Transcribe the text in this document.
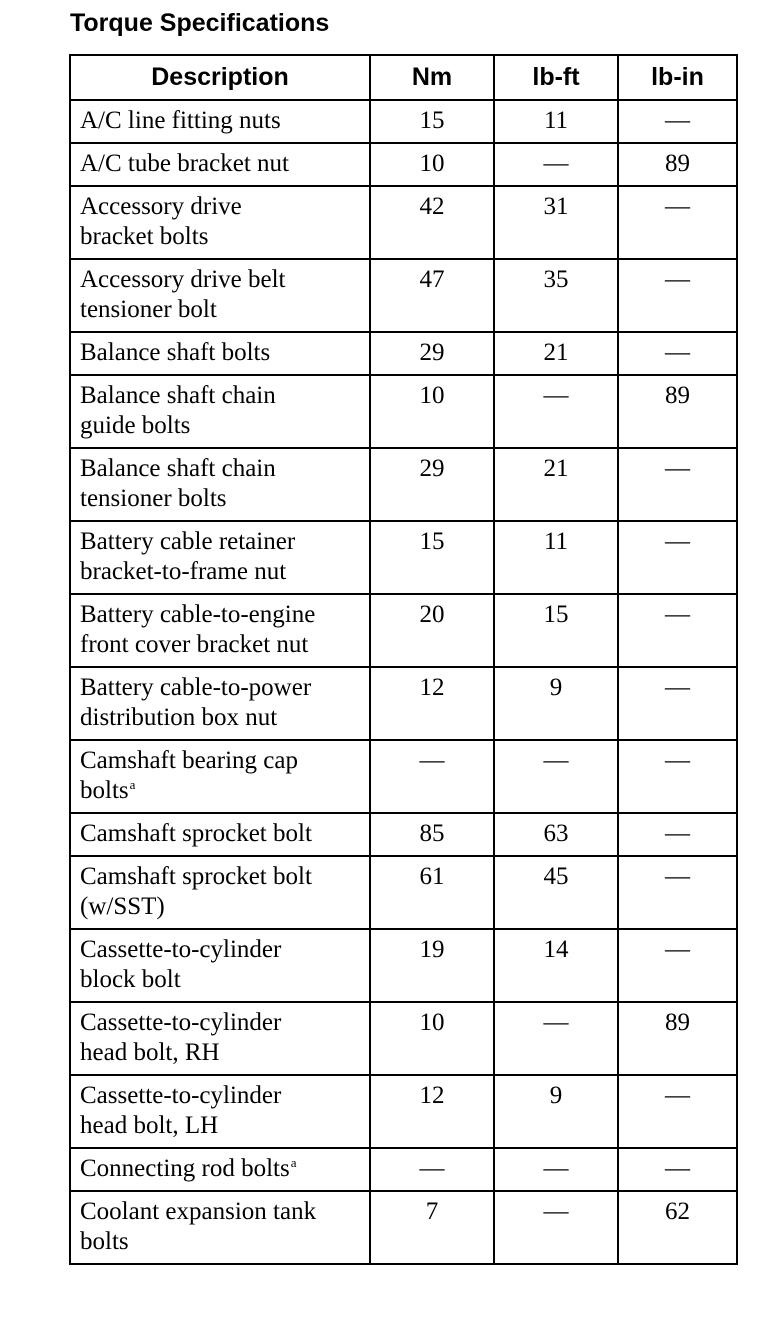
Torque Specifications
Description	Nm	lb-ft	lb-in
A/C line fitting nuts	15	11	—
A/C tube bracket nut	10	—	89
Accessory drive
bracket bolts	42	31	—
Accessory drive belt
tensioner bolt	47	35	—
Balance shaft bolts	29	21	—
Balance shaft chain
guide bolts	10	—	89
Balance shaft chain
tensioner bolts	29	21	—
Battery cable retainer
bracket-to-frame nut	15	11	—
Battery cable-to-engine
front cover bracket nut	20	15	—
Battery cable-to-power
distribution box nut	12	9	—
Camshaft bearing cap
bolts$^a$	—	—	—
Camshaft sprocket bolt	85	63	—
Camshaft sprocket bolt
(w/SST)	61	45	—
Cassette-to-cylinder
block bolt	19	14	—
Cassette-to-cylinder
head bolt, RH	10	—	89
Cassette-to-cylinder
head bolt, LH	12	9	—
Connecting rod bolts$^a$	—	—	—
Coolant expansion tank
bolts	7	—	62
